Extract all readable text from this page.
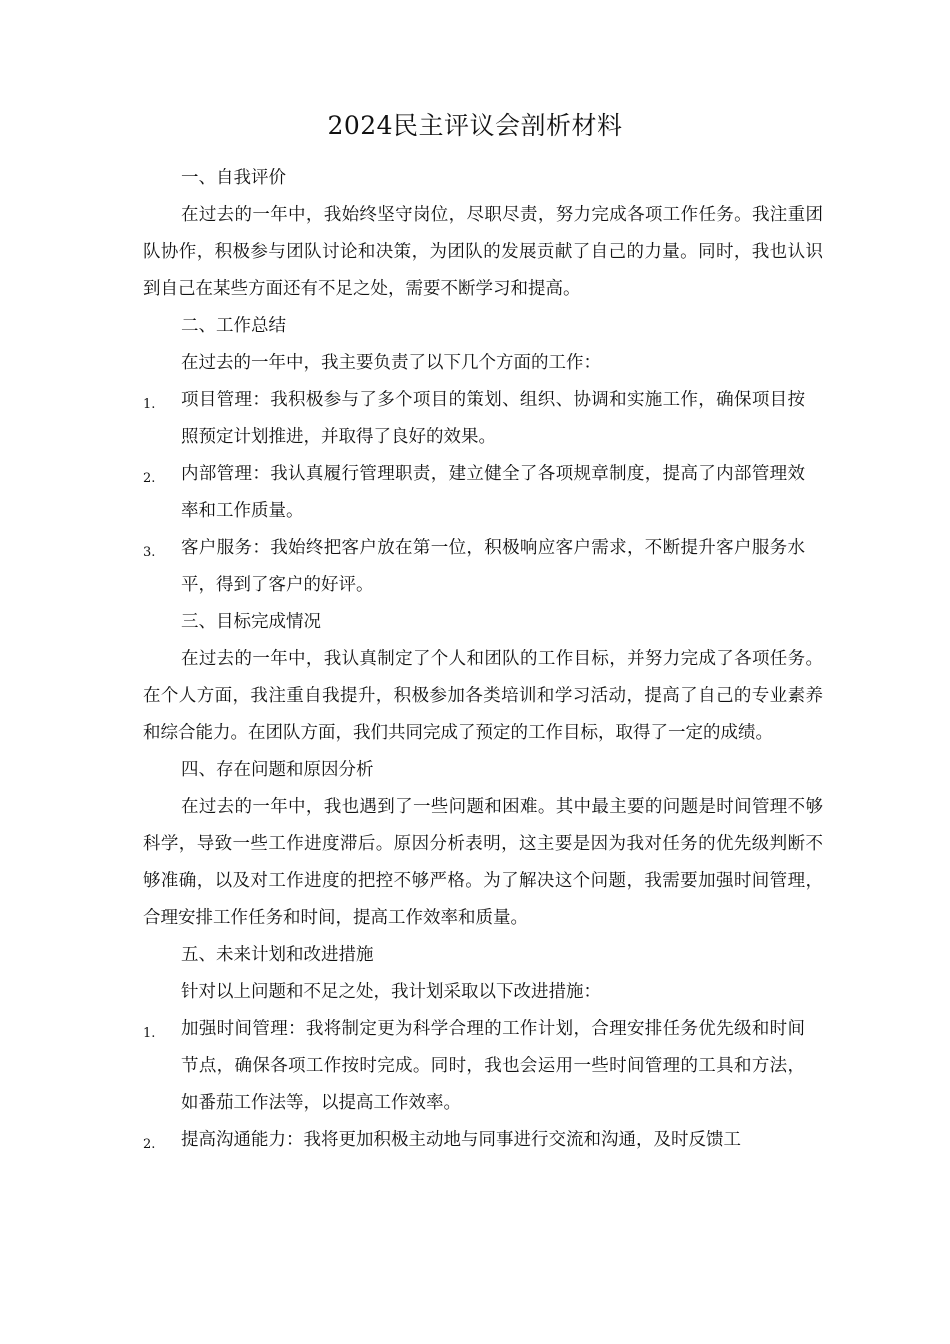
2024民主评议会剖析材料

一、自我评价

在过去的一年中，我始终坚守岗位，尽职尽责，努力完成各项工作任务。我注重团队协作，积极参与团队讨论和决策，为团队的发展贡献了自己的力量。同时，我也认识到自己在某些方面还有不足之处，需要不断学习和提高。

二、工作总结

在过去的一年中，我主要负责了以下几个方面的工作：

1. 项目管理：我积极参与了多个项目的策划、组织、协调和实施工作，确保项目按照预定计划推进，并取得了良好的效果。
2. 内部管理：我认真履行管理职责，建立健全了各项规章制度，提高了内部管理效率和工作质量。
3. 客户服务：我始终把客户放在第一位，积极响应客户需求，不断提升客户服务水平，得到了客户的好评。

三、目标完成情况

在过去的一年中，我认真制定了个人和团队的工作目标，并努力完成了各项任务。在个人方面，我注重自我提升，积极参加各类培训和学习活动，提高了自己的专业素养和综合能力。在团队方面，我们共同完成了预定的工作目标，取得了一定的成绩。

四、存在问题和原因分析

在过去的一年中，我也遇到了一些问题和困难。其中最主要的问题是时间管理不够科学，导致一些工作进度滞后。原因分析表明，这主要是因为我对任务的优先级判断不够准确，以及对工作进度的把控不够严格。为了解决这个问题，我需要加强时间管理，合理安排工作任务和时间，提高工作效率和质量。

五、未来计划和改进措施

针对以上问题和不足之处，我计划采取以下改进措施：

1. 加强时间管理：我将制定更为科学合理的工作计划，合理安排任务优先级和时间节点，确保各项工作按时完成。同时，我也会运用一些时间管理的工具和方法，如番茄工作法等，以提高工作效率。
2. 提高沟通能力：我将更加积极主动地与同事进行交流和沟通，及时反馈工
